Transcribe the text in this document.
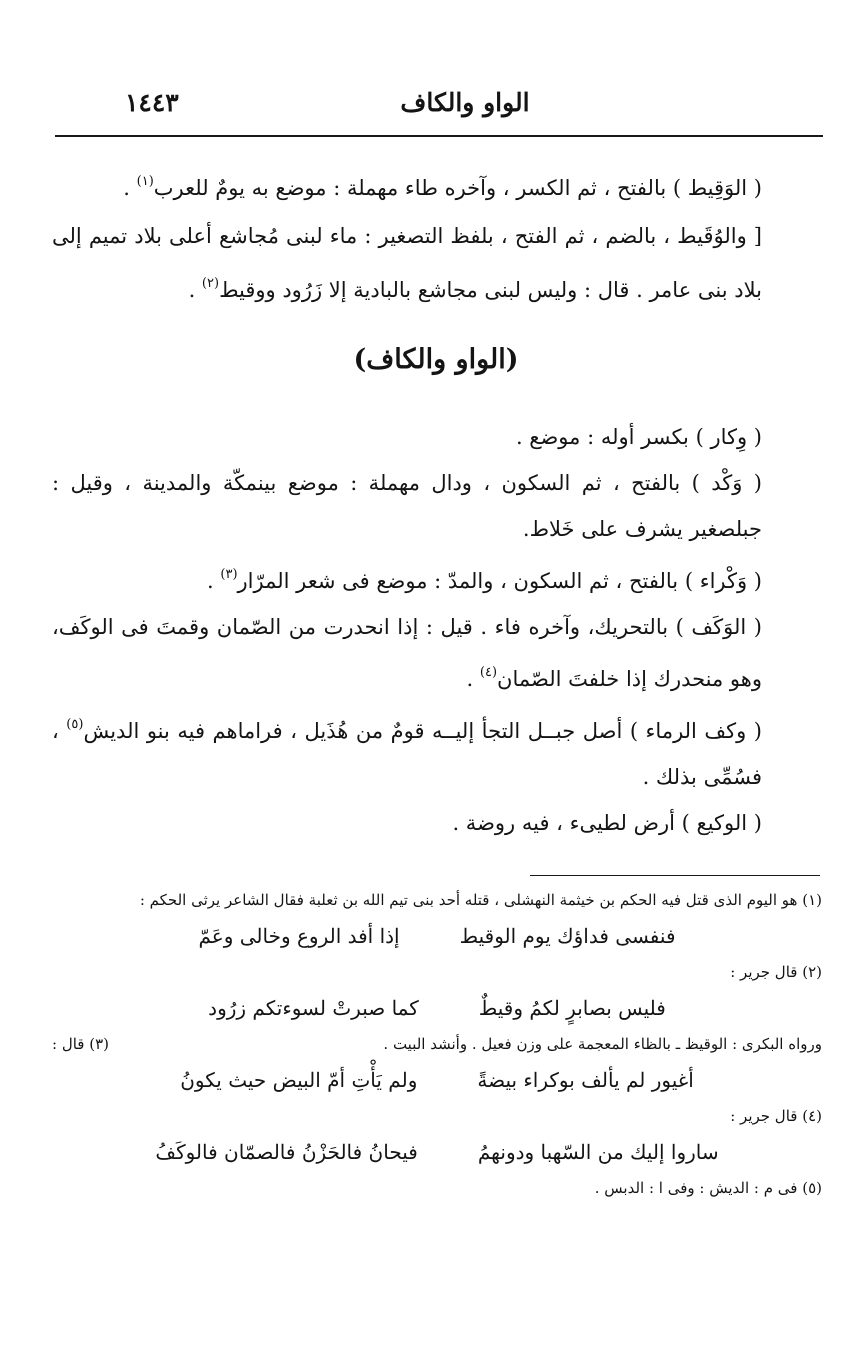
١٤٤٣	الواو والكاف

( الوَقِيط ) بالفتح ، ثم الكسر ، وآخره طاء مهملة : موضع به يومٌ للعرب$^{(١)}$ .

[ والوُقَيط ، بالضم ، ثم الفتح ، بلفظ التصغير : ماء لبنى مُجاشع أعلى بلاد تميم إلى بلاد بنى عامر . قال : وليس لبنى مجاشع بالبادية إلا زَرُود ووقيط$^{(٢)}$ .

(الواو والكاف)

( وِكار ) بكسر أوله : موضع .

( وَكْد ) بالفتح ، ثم السكون ، ودال مهملة : موضع بينمكّة والمدينة ، وقيل : جبلصغير يشرف على خَلاط.

( وَكْراء ) بالفتح ، ثم السكون ، والمدّ : موضع فى شعر المرّار$^{(٣)}$ .

( الوَكَف ) بالتحريك، وآخره فاء . قيل : إذا انحدرت من الصّمان وقمتَ فى الوكَف، وهو منحدرك إذا خلفتَ الصّمان$^{(٤)}$ .

( وكف الرماء ) أصل جبــل التجأ إليــه قومٌ من هُذَيل ، فراماهم فيه بنو الديش$^{(٥)}$ ، فسُمِّى بذلك .

( الوكيع ) أرض لطيىء ، فيه روضة .

(١) هو اليوم الذى قتل فيه الحكم بن خيثمة النهشلى ، قتله أحد بنى تيم الله بن ثعلبة فقال الشاعر يرثى الحكم :

فنفسى فداؤك يوم الوقيط
إذا أفد الروع وخالى وعَمّ

(٢) قال جرير :

فليس بصابرٍ لكمُ وقيطٌ
كما صبرتْ لسوءتكم زرُود

ورواه البكرى : الوقيظ ـ بالظاء المعجمة على وزن فعيل . وأنشد البيت .
(٣) قال :

أغيور لم يألف بوكراء بيضةً
ولم يَأْتِ أمّ البيض حيث يكونُ

(٤) قال جرير :

ساروا إليك من السّهبا ودونهمُ
فيحانُ فالحَزْنُ فالصمّان فالوكَفُ

(٥) فى م : الديش : وفى ا : الدبس .
